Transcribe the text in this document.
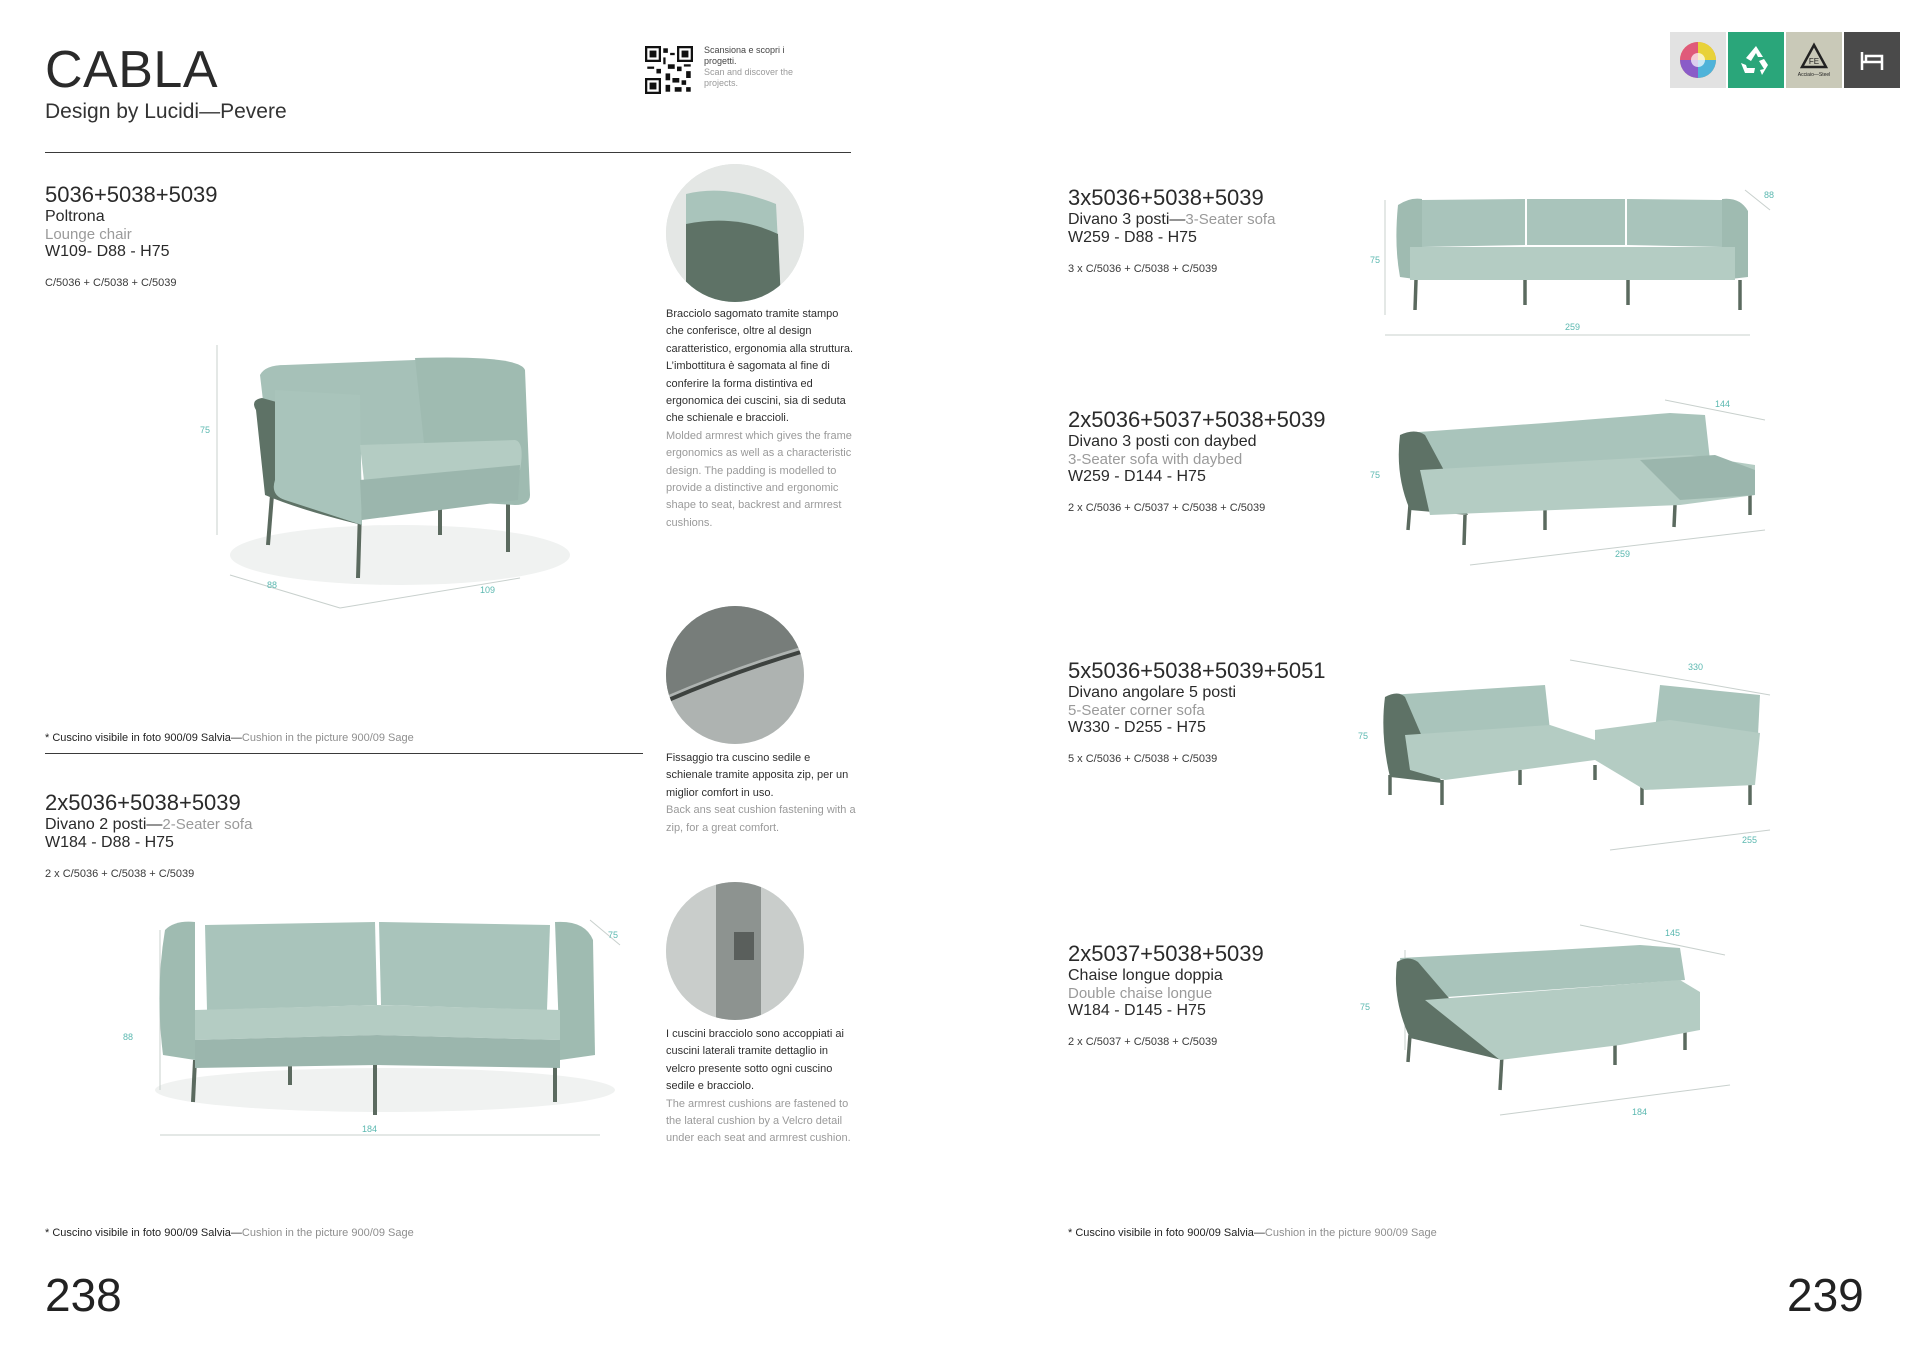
CABLA
Design by Lucidi—Pevere
Scansiona e scopri i progetti.
Scan and discover the projects.
5036+5038+5039
Poltrona
Lounge chair
W109- D88 - H75
C/5036 + C/5038 + C/5039
75
88	109
* Cuscino visibile in foto 900/09 Salvia—Cushion in the picture 900/09 Sage
2x5036+5038+5039
Divano 2 posti—2-Seater sofa
W184 - D88 - H75
2 x C/5036 + C/5038 + C/5039
88
75
184
* Cuscino visibile in foto 900/09 Salvia—Cushion in the picture 900/09 Sage
Bracciolo sagomato tramite stampo che conferisce, oltre al design caratteristico, ergonomia alla struttura. L’imbottitura è sagomata al fine di conferire la forma distintiva ed ergonomica dei cuscini, sia di seduta che schienale e braccioli.
Molded armrest which gives the frame ergonomics as well as a characteristic design. The padding is modelled to provide a distinctive and ergonomic shape to seat, backrest and armrest cushions.
Fissaggio tra cuscino sedile e schienale tramite apposita zip, per un miglior comfort in uso.
Back ans seat cushion fastening with a zip, for a great comfort.
I cuscini bracciolo sono accoppiati ai cuscini laterali tramite dettaglio in velcro presente sotto ogni cuscino sedile e bracciolo.
The armrest cushions are fastened to the lateral cushion by a Velcro detail under each seat and armrest cushion.
238
FE
Acciaio—Steel
3x5036+5038+5039
Divano 3 posti—3-Seater sofa
W259 - D88 - H75
3 x C/5036 + C/5038 + C/5039
75
88
259
2x5036+5037+5038+5039
Divano 3 posti con daybed
3-Seater sofa with daybed
W259 - D144 - H75
2 x C/5036 + C/5037 + C/5038 + C/5039
75
144
259
5x5036+5038+5039+5051
Divano angolare 5 posti
5-Seater corner sofa
W330 - D255 - H75
5 x C/5036 + C/5038 + C/5039
75
330
255
2x5037+5038+5039
Chaise longue doppia
Double chaise longue
W184 - D145 - H75
2 x C/5037 + C/5038 + C/5039
75
145
184
* Cuscino visibile in foto 900/09 Salvia—Cushion in the picture 900/09 Sage
239
